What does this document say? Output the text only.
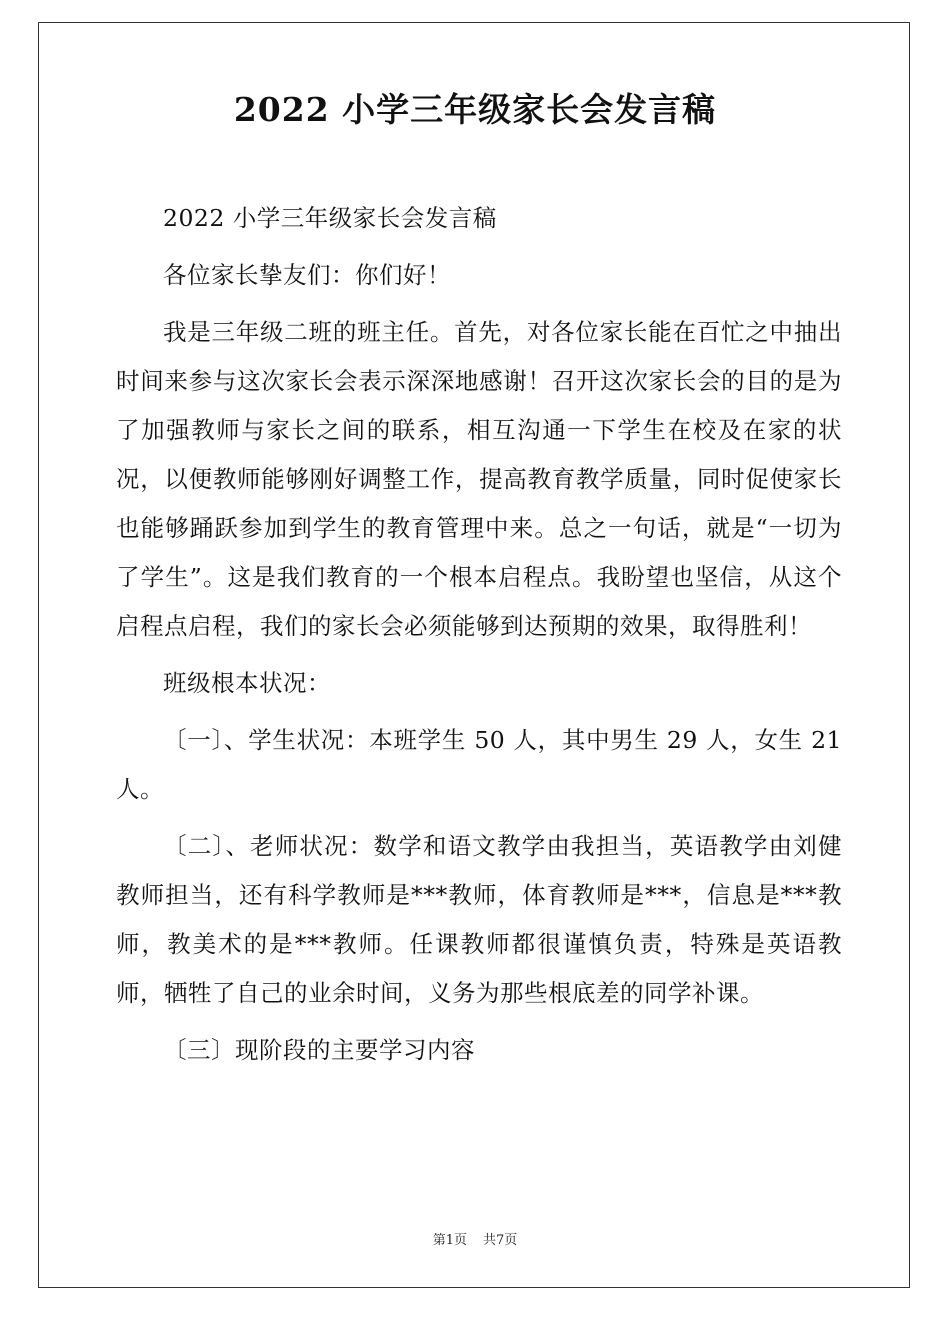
2022 小学三年级家长会发言稿

2022 小学三年级家长会发言稿

各位家长挚友们：你们好！

我是三年级二班的班主任。首先，对各位家长能在百忙之中抽出时间来参与这次家长会表示深深地感谢！召开这次家长会的目的是为了加强教师与家长之间的联系，相互沟通一下学生在校及在家的状况，以便教师能够刚好调整工作，提高教育教学质量，同时促使家长也能够踊跃参加到学生的教育管理中来。总之一句话，就是“一切为了学生”。这是我们教育的一个根本启程点。我盼望也坚信，从这个启程点启程，我们的家长会必须能够到达预期的效果，取得胜利！

班级根本状况：

〔一〕、学生状况：本班学生 50 人，其中男生 29 人，女生 21 人。

〔二〕、老师状况：数学和语文教学由我担当，英语教学由刘健教师担当，还有科学教师是***教师，体育教师是***，信息是***教师，教美术的是***教师。任课教师都很谨慎负责，特殊是英语教师，牺牲了自己的业余时间，义务为那些根底差的同学补课。

〔三〕现阶段的主要学习内容

第1页 共7页
